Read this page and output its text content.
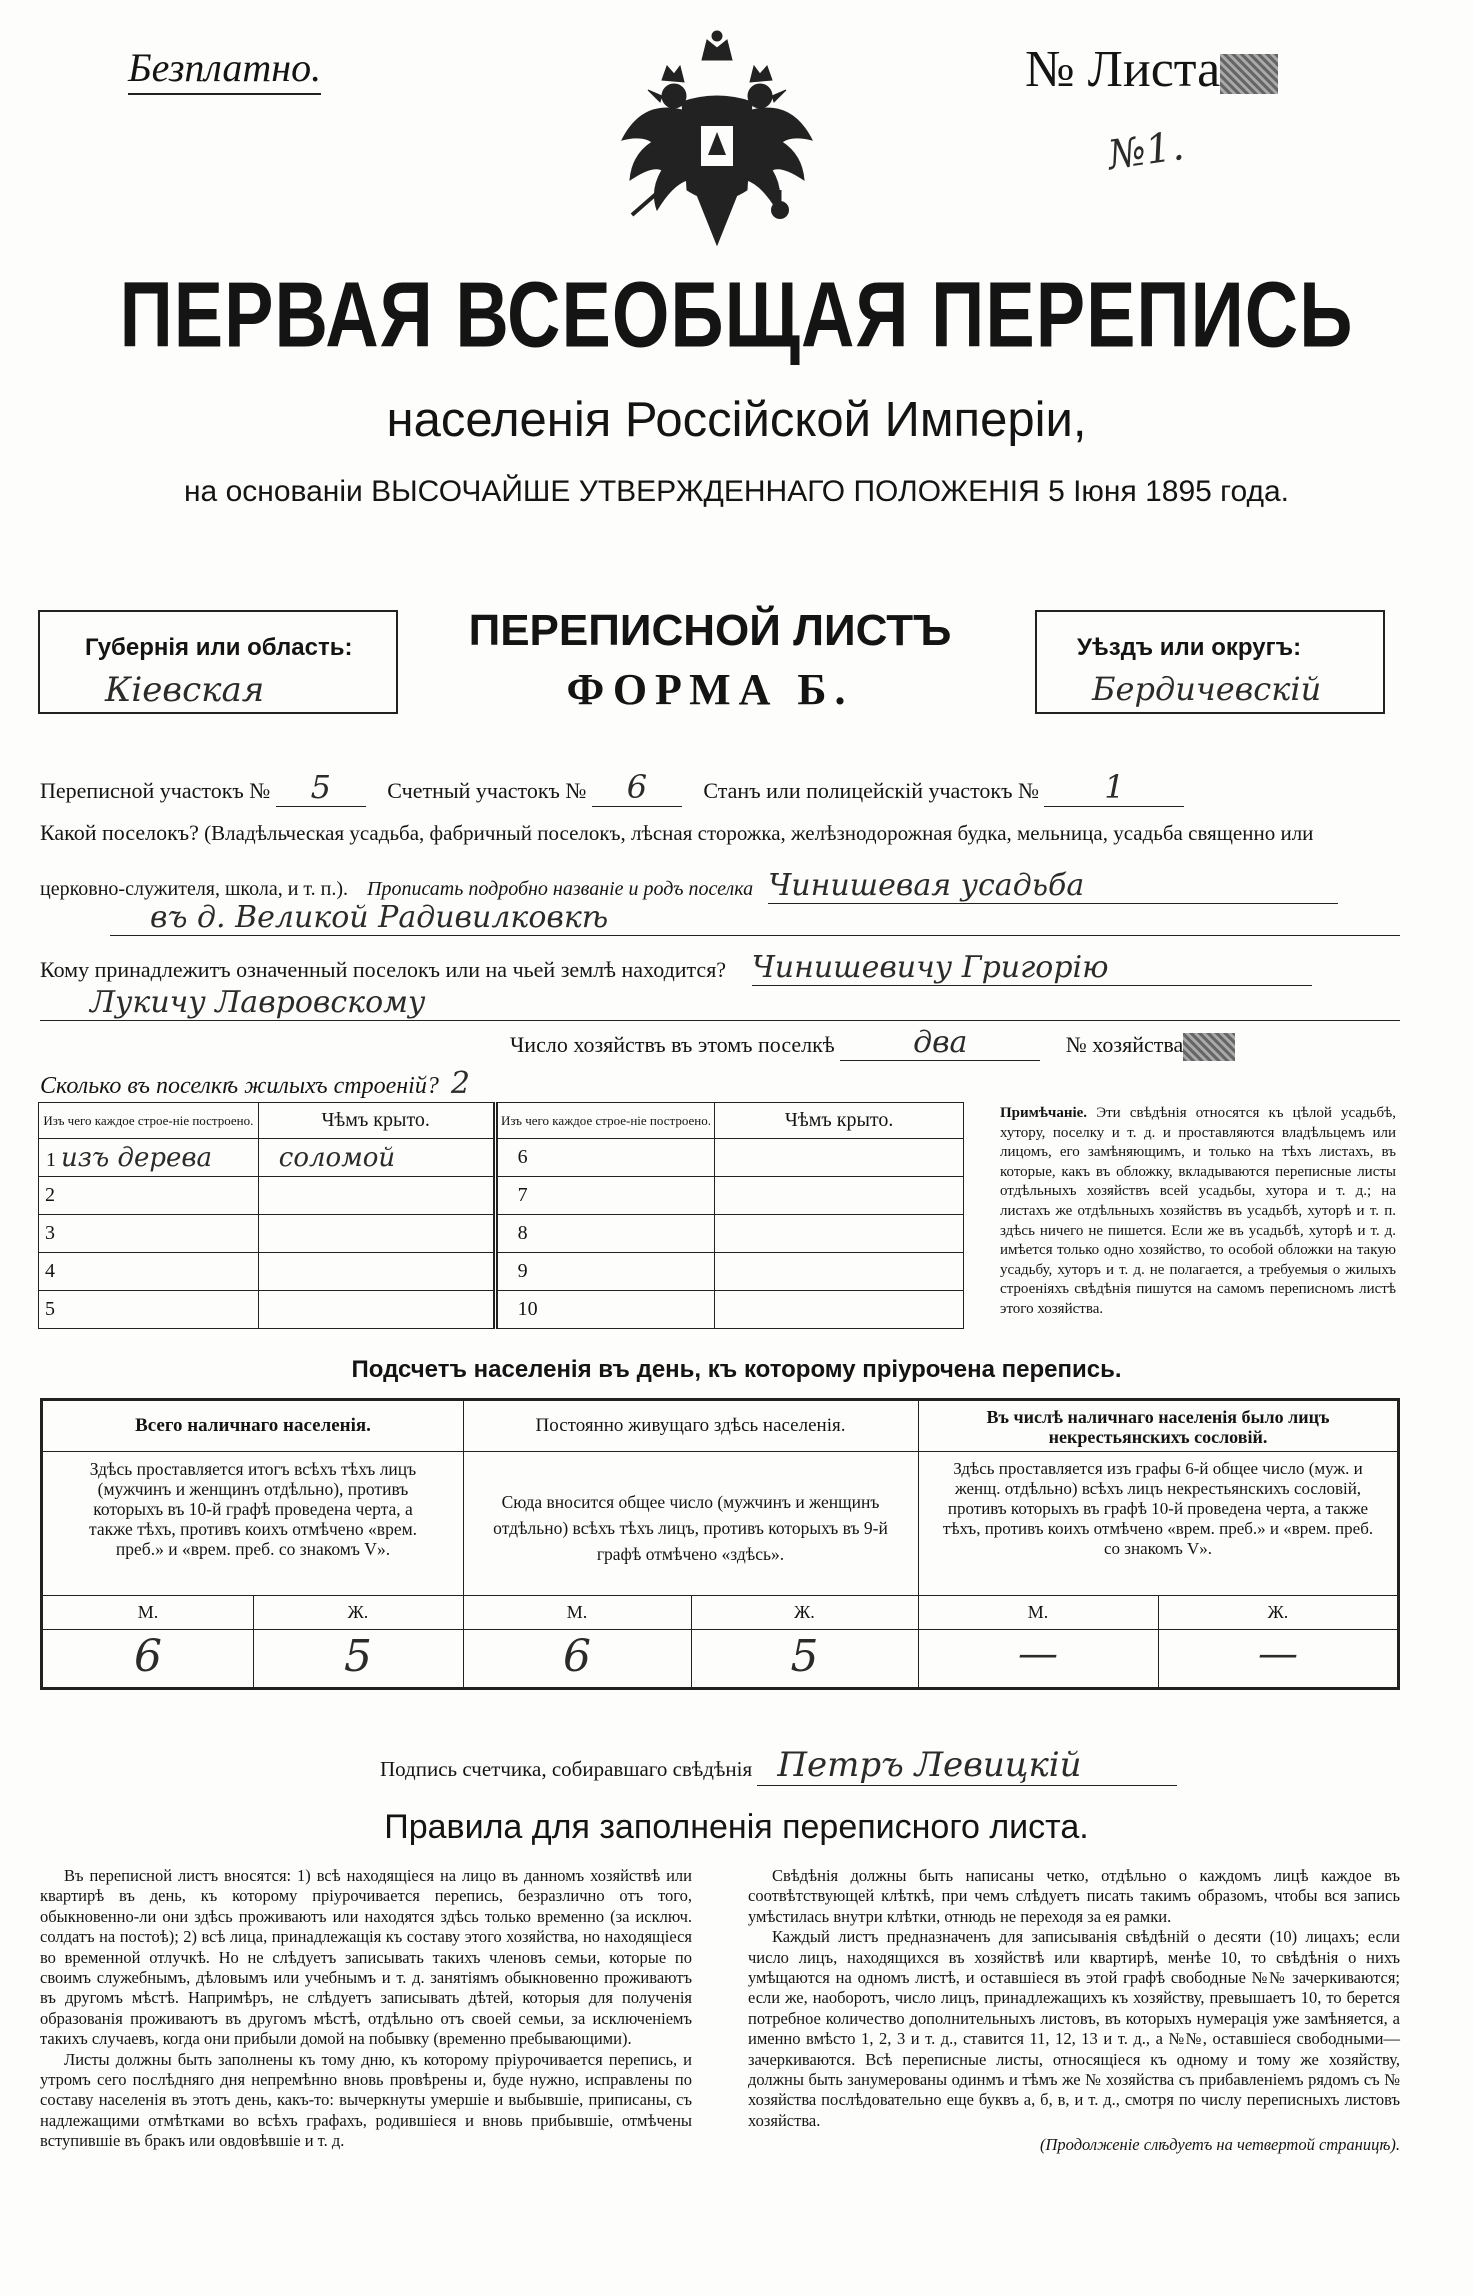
Безплатно.	№ Листа
№1.
ПЕРВАЯ ВСЕОБЩАЯ ПЕРЕПИСЬ
населенія Россійской Имперіи,
на основаніи ВЫСОЧАЙШЕ УТВЕРЖДЕННАГО ПОЛОЖЕНІЯ 5 Іюня 1895 года.
Губернія или область:
Кіевская
ПЕРЕПИСНОЙ ЛИСТЪ
ФОРМА Б.
Уѣздъ или округъ:
Бердичевскій
Переписной участокъ № 5	Счетный участокъ № 6	Станъ или полицейскій участокъ № 1
Какой поселокъ? (Владѣльческая усадьба, фабричный поселокъ, лѣсная сторожка, желѣзнодорожная будка, мельница, усадьба священно или
церковно-служителя, школа, и т. п.). Прописать подробно названіе и родъ поселка Чинишевая усадьба
въ д. Великой Радивилковкѣ
Кому принадлежитъ означенный поселокъ или на чьей землѣ находится? Чинишевичу Григорію
Лукичу Лавровскому
Число хозяйствъ въ этомъ поселкѣ	два	№ хозяйства
Сколько въ поселкѣ жилыхъ строеній? 2
Изъ чего каждое строе-ніе построено.	Чѣмъ крыто.	Изъ чего каждое строе-ніе построено.	Чѣмъ крыто.
1 изъ дерева	соломой	6	
2		7	
3		8	
4		9	
5		10	
Примѣчаніе. Эти свѣдѣнія относятся къ цѣлой усадьбѣ, хутору, поселку и т. д. и проставляются владѣльцемъ или лицомъ, его замѣняющимъ, и только на тѣхъ листахъ, въ которые, какъ въ обложку, вкладываются переписные листы отдѣльныхъ хозяйствъ всей усадьбы, хутора и т. д.; на листахъ же отдѣльныхъ хозяйствъ въ усадьбѣ, хуторѣ и т. п. здѣсь ничего не пишется. Если же въ усадьбѣ, хуторѣ и т. д. имѣется только одно хозяйство, то особой обложки на такую усадьбу, хуторъ и т. д. не полагается, а требуемыя о жилыхъ строеніяхъ свѣдѣнія пишутся на самомъ переписномъ листѣ этого хозяйства.
Подсчетъ населенія въ день, къ которому пріурочена перепись.
Всего наличнаго населенія.
Здѣсь проставляется итогъ всѣхъ тѣхъ лицъ (мужчинъ и женщинъ отдѣльно), противъ которыхъ въ 10-й графѣ проведена черта, а также тѣхъ, противъ коихъ отмѣчено «врем. преб.» и «врем. преб. со знакомъ V».
Постоянно живущаго здѣсь населенія.
Сюда вносится общее число (мужчинъ и женщинъ отдѣльно) всѣхъ тѣхъ лицъ, противъ которыхъ въ 9-й графѣ отмѣчено «здѣсь».
Въ числѣ наличнаго населенія было лицъ некрестьянскихъ сословій.
Здѣсь проставляется изъ графы 6-й общее число (муж. и женщ. отдѣльно) всѣхъ лицъ некрестьянскихъ сословій, противъ которыхъ въ графѣ 10-й проведена черта, а также тѣхъ, противъ коихъ отмѣчено «врем. преб.» и «врем. преб. со знакомъ V».
М.	Ж.	М.	Ж.	М.	Ж.
6	5	6	5	—	—
Подпись счетчика, собиравшаго свѣдѣнія Петръ Левицкій
Правила для заполненія переписного листа.

Въ переписной листъ вносятся: 1) всѣ находящіеся на лицо въ данномъ хозяйствѣ или квартирѣ въ день, къ которому пріурочивается перепись, безразлично отъ того, обыкновенно-ли они здѣсь проживаютъ или находятся здѣсь только временно (за исключ. солдатъ на постоѣ); 2) всѣ лица, принадлежащія къ составу этого хозяйства, но находящіеся во временной отлучкѣ. Но не слѣдуетъ записывать такихъ членовъ семьи, которые по своимъ служебнымъ, дѣловымъ или учебнымъ и т. д. занятіямъ обыкновенно проживаютъ въ другомъ мѣстѣ. Напримѣръ, не слѣдуетъ записывать дѣтей, которыя для полученія образованія проживаютъ въ другомъ мѣстѣ, отдѣльно отъ своей семьи, за исключеніемъ такихъ случаевъ, когда они прибыли домой на побывку (временно пребывающими).

Листы должны быть заполнены къ тому дню, къ которому пріурочивается перепись, и утромъ сего послѣдняго дня непремѣнно вновь провѣрены и, буде нужно, исправлены по составу населенія въ этотъ день, какъ-то: вычеркнуты умершіе и выбывшіе, приписаны, съ надлежащими отмѣтками во всѣхъ графахъ, родившіеся и вновь прибывшіе, отмѣчены вступившіе въ бракъ или овдовѣвшіе и т. д.

Свѣдѣнія должны быть написаны четко, отдѣльно о каждомъ лицѣ каждое въ соотвѣтствующей клѣткѣ, при чемъ слѣдуетъ писать такимъ образомъ, чтобы вся запись умѣстилась внутри клѣтки, отнюдь не переходя за ея рамки.

Каждый листъ предназначенъ для записыванія свѣдѣній о десяти (10) лицахъ; если число лицъ, находящихся въ хозяйствѣ или квартирѣ, менѣе 10, то свѣдѣнія о нихъ умѣщаются на одномъ листѣ, и оставшіеся въ этой графѣ свободные №№ зачеркиваются; если же, наоборотъ, число лицъ, принадлежащихъ къ хозяйству, превышаетъ 10, то берется потребное количество дополнительныхъ листовъ, въ которыхъ нумерація уже замѣняется, а именно вмѣсто 1, 2, 3 и т. д., ставится 11, 12, 13 и т. д., а №№, оставшіеся свободными—зачеркиваются. Всѣ переписные листы, относящіеся къ одному и тому же хозяйству, должны быть занумерованы одинмъ и тѣмъ же № хозяйства съ прибавленіемъ рядомъ съ № хозяйства послѣдовательно еще буквъ а, б, в, и т. д., смотря по числу переписныхъ листовъ хозяйства.

(Продолженіе слѣдуетъ на четвертой страницѣ).
